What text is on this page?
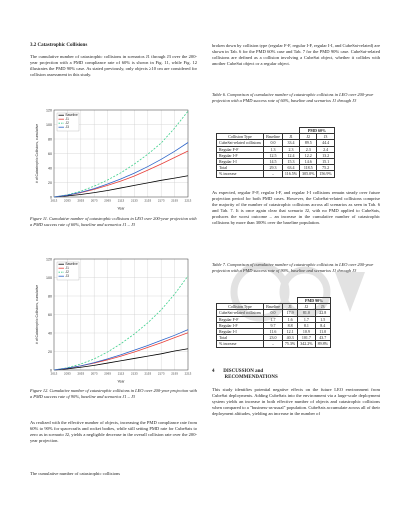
3.2 Catastrophic Collisions

The cumulative number of catastrophic collisions in scenarios J1 through J3 over the 200-year projection with a PMD compliance rate of 60% is shown in Fig. 11, while Fig. 12 illustrates the PMD 90% case. As stated previously, only objects ≥10 cm are considered for collision assessment in this study.

0
20
40
60
80
100
120
2013 2033 2053 2073 2093 2113 2133 2153 2173 2193 2213
Baseline
J1
J2
J3
Year
# of Catastrophic Collisions, cumulative

Figure 11. Cumulative number of catastrophic collisions in LEO over 200-year projection with a PMD success rate of 60%, baseline and scenarios J1 – J3

0
20
40
60
80
100
120
2013 2033 2053 2073 2093 2113 2133 2153 2173 2193 2213
Baseline
J1
J2
J3
Year
# of Catastrophic Collisions, cumulative

Figure 12. Cumulative number of catastrophic collisions in LEO over 200-year projection with a PMD success rate of 90%, baseline and scenarios J1 – J3

As realized with the effective number of objects, increasing the PMD compliance rate from 60% to 90% for spacecrafts and rocket bodies, while still setting PMD rate for CubeSats to zero as in scenario J2, yields a negligible decrease in the overall collision rate over the 200-year projection.

The cumulative number of catastrophic collisions

broken down by collision type (regular F-F, regular I-F, regular I-I, and CubeSat-related) are shown in Tab. 6 for the PMD 60% case and Tab. 7 for the PMD 90% case. CubeSat-related collisions are defined as a collision involving a CubeSat object, whether it collides with another CubeSat object or a regular object.

Table 6. Comparison of cumulative number of catastrophic collisions in LEO over 200-year projection with a PMD success rate of 60%, baseline and scenarios J1 through J3

			PMD 60%	
Collision Type	Baseline	J1	J2	J3
CubeSat-related collisions	0.0	33.4	89.5	44.4
Regular F-F	1.3	2.3	2.3	2.4
Regular I-F	12.5	12.4	12.2	13.2
Regular I-I	14.5	15.3	14.6	15.1
Total	29.3	63.4	118.5	75.2
% increase	–	116.5%	305.0%	156.9%

As expected, regular F-F, regular I-F, and regular I-I collisions remain steady over future projection period for both PMD cases. However, the CubeSat-related collisions comprise the majority of the number of catastrophic collisions across all scenarios as seen in Tab. 6 and Tab. 7. It is once again clear that scenario J2, with no PMD applied to CubeSats, produces the worst outcome – an increase in the cumulative number of catastrophic collisions by more than 300% over the baseline population.

Table 7. Comparison of cumulative number of catastrophic collisions in LEO over 200-year projection with a PMD success rate of 90%, baseline and scenarios J1 through J3

			PMD 90%	
Collision Type	Baseline	J1	J2	J3
CubeSat-related collisions	0.0	17.9	81.0	22.8
Regular F-F	1.7	1.6	1.7	1.5
Regular I-F	9.7	8.8	8.1	8.4
Regular I-I	11.6	12.1	10.9	11.0
Total	23.0	40.3	101.7	43.7
% increase	–	75.3%	342.2%	89.8%

4       DISCUSSION and
RECOMMENDATIONS

This study identifies potential negative effects on the future LEO environment from CubeSat deployments. Adding CubeSats into the environment via a large-scale deployment system yields an increase in both effective number of objects and catastrophic collisions when compared to a "business-as-usual" population. CubeSats accumulate across all of their deployment altitudes, yielding an increase in the number of
